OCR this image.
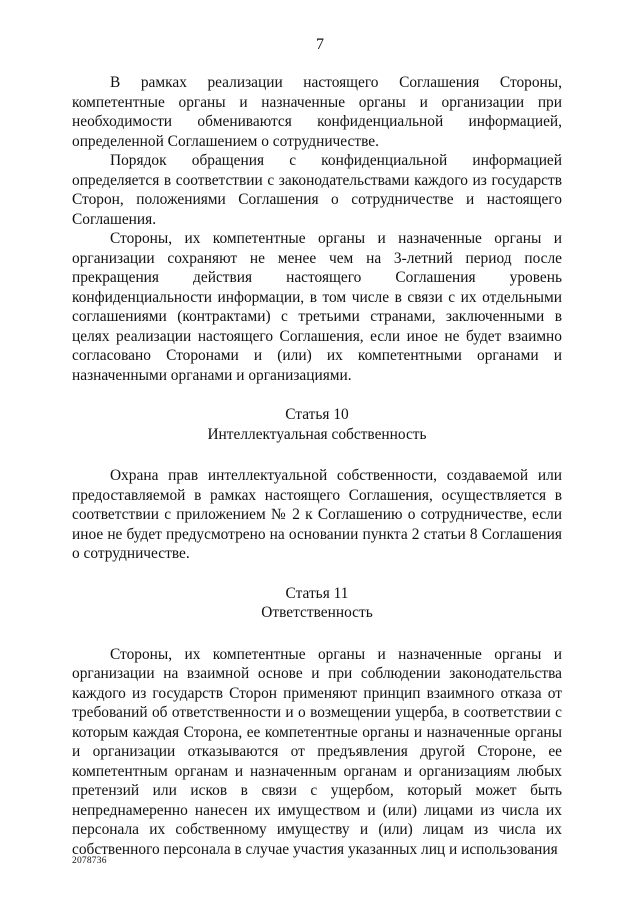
7

В рамках реализации настоящего Соглашения Стороны, компетентные органы и назначенные органы и организации при необходимости обмениваются конфиденциальной информацией, определенной Соглашением о сотрудничестве.

Порядок обращения с конфиденциальной информацией определяется в соответствии с законодательствами каждого из государств Сторон, положениями Соглашения о сотрудничестве и настоящего Соглашения.

Стороны, их компетентные органы и назначенные органы и организации сохраняют не менее чем на 3-летний период после прекращения действия настоящего Соглашения уровень конфиденциальности информации, в том числе в связи с их отдельными соглашениями (контрактами) с третьими странами, заключенными в целях реализации настоящего Соглашения, если иное не будет взаимно согласовано Сторонами и (или) их компетентными органами и назначенными органами и организациями.

Статья 10

Интеллектуальная собственность

Охрана прав интеллектуальной собственности, создаваемой или предоставляемой в рамках настоящего Соглашения, осуществляется в соответствии с приложением № 2 к Соглашению о сотрудничестве, если иное не будет предусмотрено на основании пункта 2 статьи 8 Соглашения о сотрудничестве.

Статья 11

Ответственность

Стороны, их компетентные органы и назначенные органы и организации на взаимной основе и при соблюдении законодательства каждого из государств Сторон применяют принцип взаимного отказа от требований об ответственности и о возмещении ущерба, в соответствии с которым каждая Сторона, ее компетентные органы и назначенные органы и организации отказываются от предъявления другой Стороне, ее компетентным органам и назначенным органам и организациям любых претензий или исков в связи с ущербом, который может быть непреднамеренно нанесен их имуществом и (или) лицами из числа их персонала их собственному имуществу и (или) лицам из числа их собственного персонала в случае участия указанных лиц и использования

2078736
